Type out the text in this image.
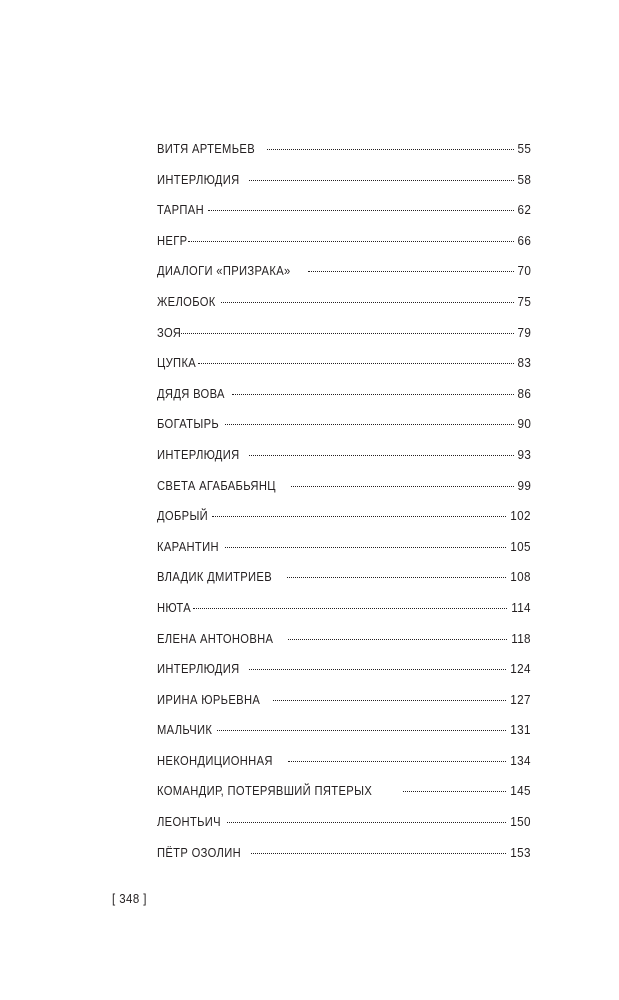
ВИТЯ АРТЕМЬЕВ	55
ИНТЕРЛЮДИЯ	58
ТАРПАН	62
НЕГР	66
ДИАЛОГИ «ПРИЗРАКА»	70
ЖЕЛОБОК	75
ЗОЯ	79
ЦУПКА	83
ДЯДЯ ВОВА	86
БОГАТЫРЬ	90
ИНТЕРЛЮДИЯ	93
СВЕТА АГАБАБЬЯНЦ	99
ДОБРЫЙ	102
КАРАНТИН	105
ВЛАДИК ДМИТРИЕВ	108
НЮТА	114
ЕЛЕНА АНТОНОВНА	118
ИНТЕРЛЮДИЯ	124
ИРИНА ЮРЬЕВНА	127
МАЛЬЧИК	131
НЕКОНДИЦИОННАЯ	134
КОМАНДИР, ПОТЕРЯВШИЙ ПЯТЕРЫХ	145
ЛЕОНТЬИЧ	150
ПЁТР ОЗОЛИН	153
[ 348 ]
